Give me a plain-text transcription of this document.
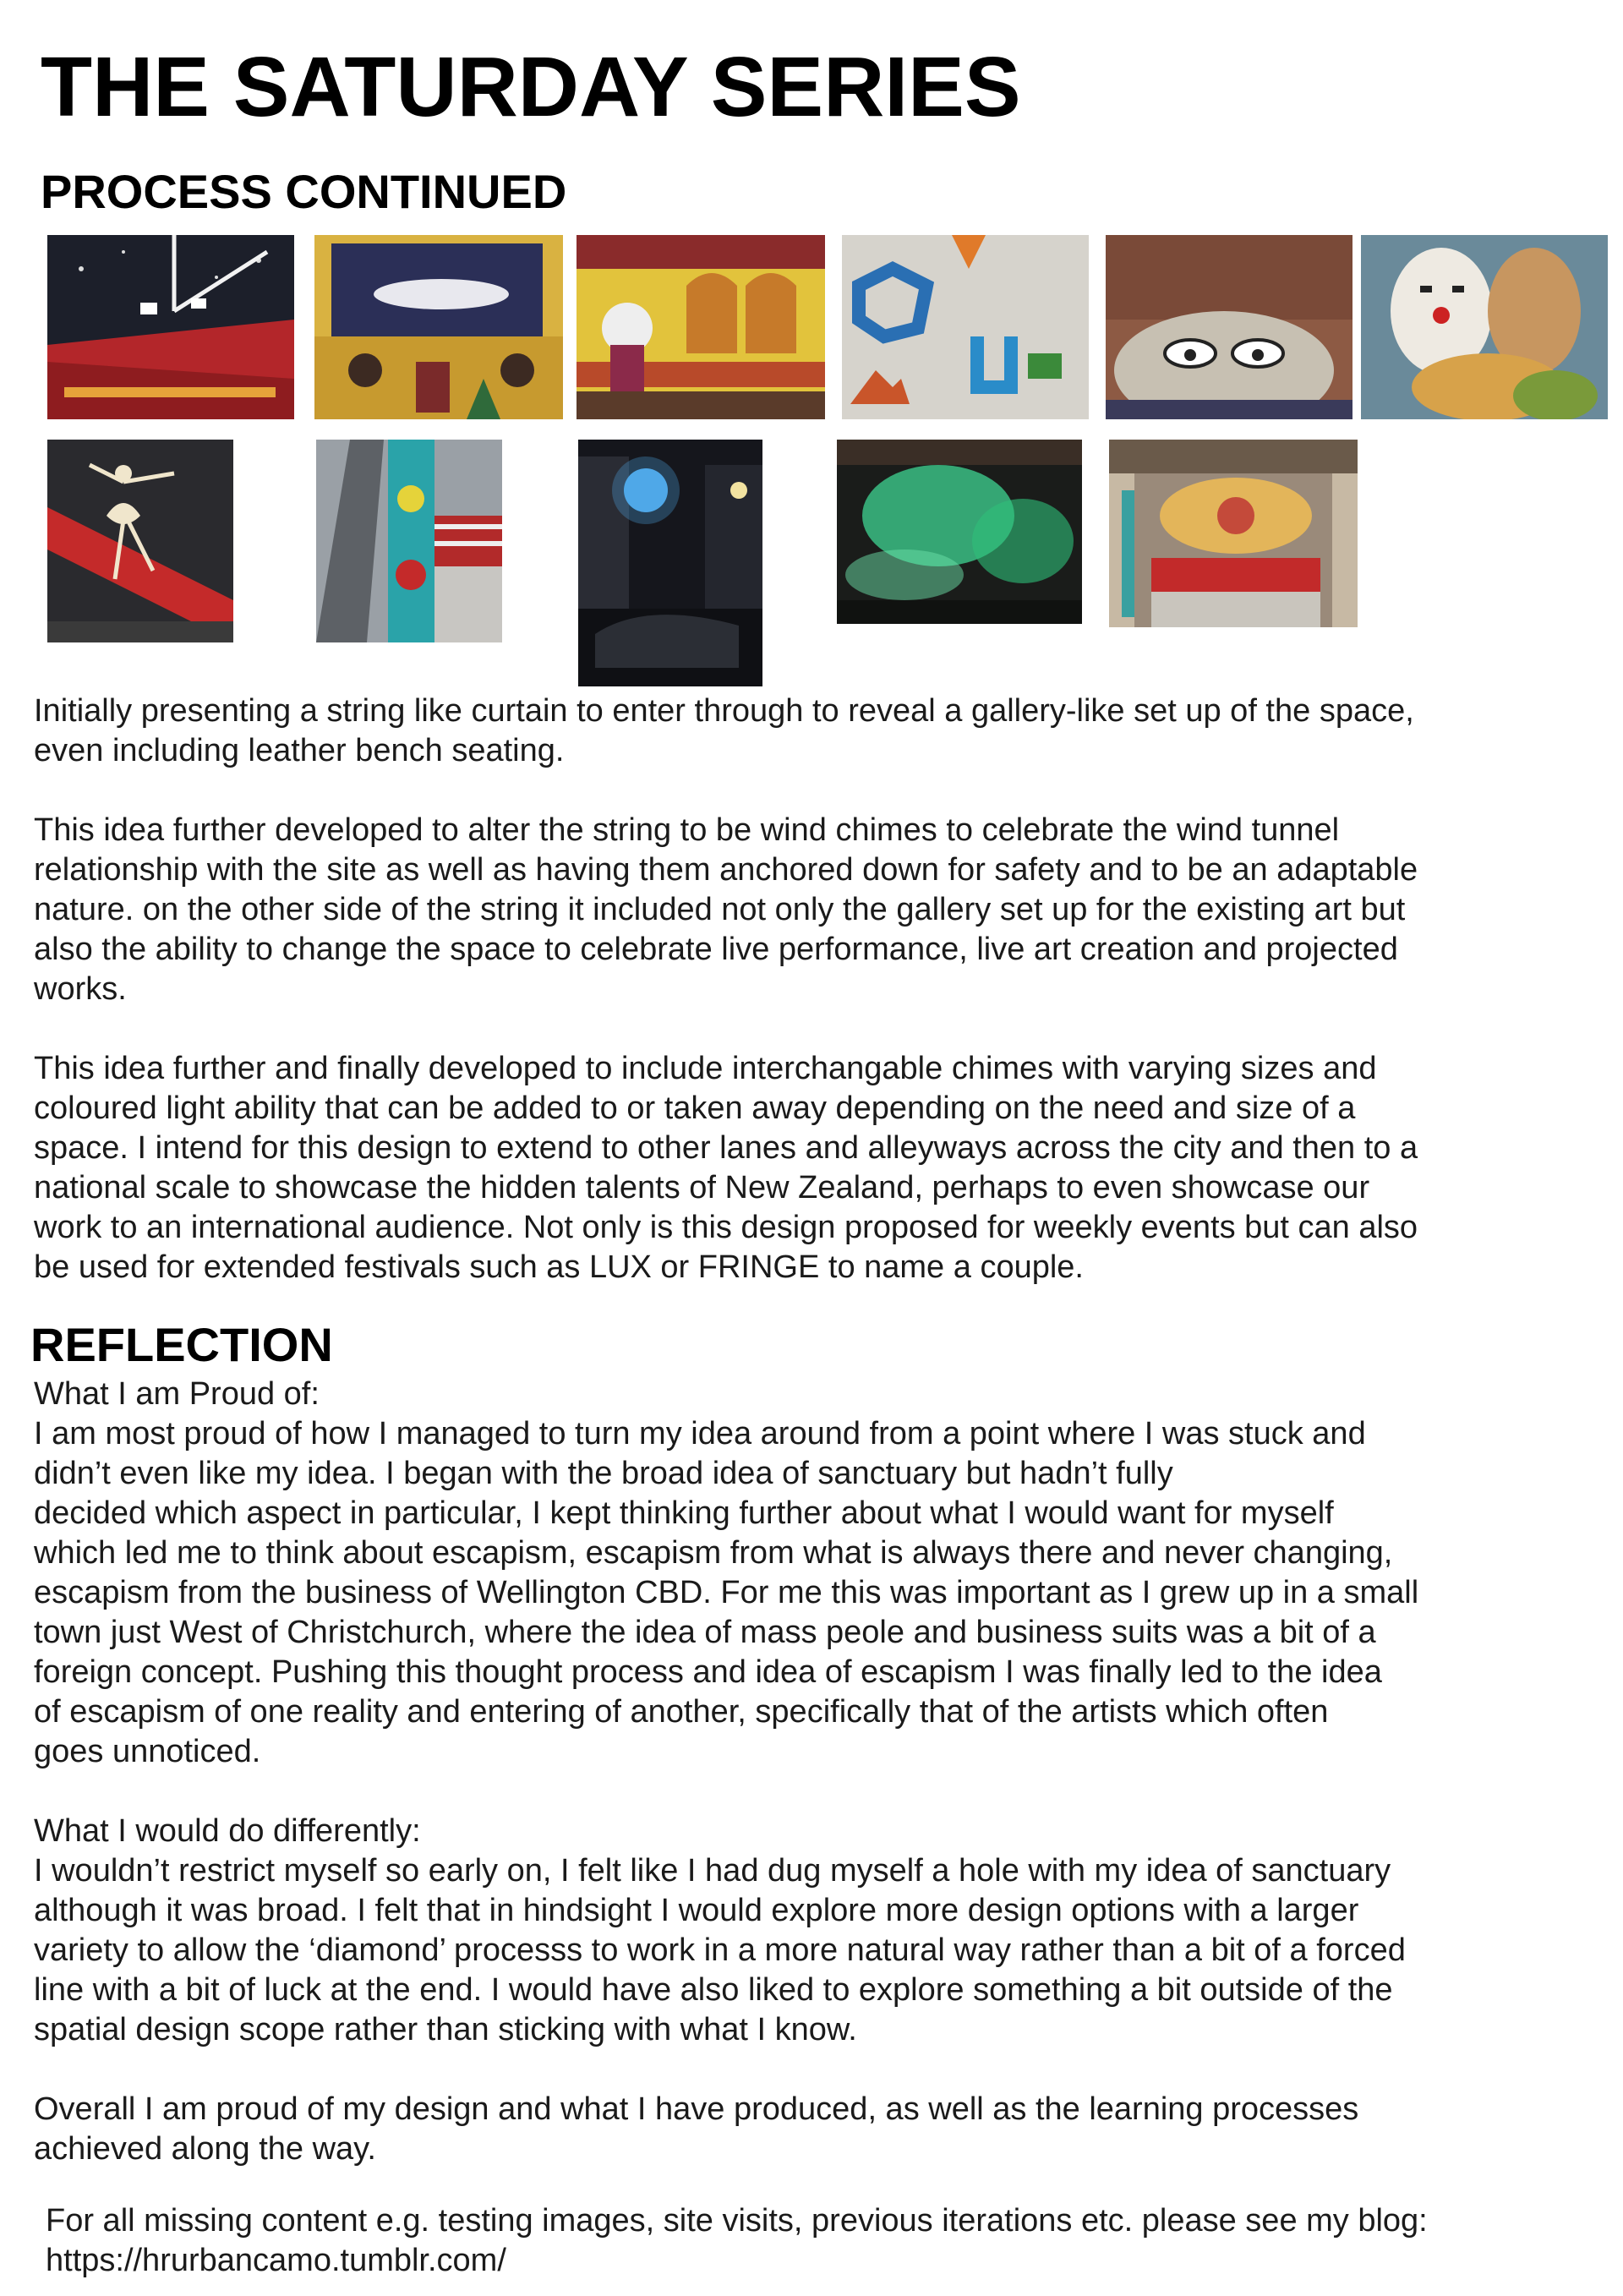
THE SATURDAY SERIES
PROCESS CONTINUED

Initially presenting a string like curtain to enter through to reveal a gallery-like set up of the space,
even including leather bench seating.

This idea further developed to alter the string to be wind chimes to celebrate the wind tunnel
relationship with the site as well as having them anchored down for safety and to be an adaptable
nature. on the other side of the string it included not only the gallery set up for the existing art but
also the ability to change the space to celebrate live performance, live art creation and projected
works.

This idea further and finally developed to include interchangable chimes with varying sizes and
coloured light ability that can be added to or taken away depending on the need and size of a
space. I intend for this design to extend to other lanes and alleyways across the city and then to a
national scale to showcase the hidden talents of New Zealand, perhaps to even showcase our
work to an international audience. Not only is this design proposed for weekly events but can also
be used for extended festivals such as LUX or FRINGE to name a couple.

REFLECTION
What I am Proud of:

I am most proud of how I managed to turn my idea around from a point where I was stuck and
didn’t even like my idea. I began with the broad idea of sanctuary but hadn’t fully
decided which aspect in particular, I kept thinking further about what I would want for myself
which led me to think about escapism, escapism from what is always there and never changing,
escapism from the business of Wellington CBD. For me this was important as I grew up in a small
town just West of Christchurch, where the idea of mass peole and business suits was a bit of a
foreign concept. Pushing this thought process and idea of escapism I was finally led to the idea
of escapism of one reality and entering of another, specifically that of the artists which often
goes unnoticed.

What I would do differently:

I wouldn’t restrict myself so early on, I felt like I had dug myself a hole with my idea of sanctuary
although it was broad. I felt that in hindsight I would explore more design options with a larger
variety to allow the ‘diamond’ processs to work in a more natural way rather than a bit of a forced
line with a bit of luck at the end. I would have also liked to explore something a bit outside of the
spatial design scope rather than sticking with what I know.

Overall I am proud of my design and what I have produced, as well as the learning processes
achieved along the way.

For all missing content e.g. testing images, site visits, previous iterations etc. please see my blog:
https://hrurbancamo.tumblr.com/
